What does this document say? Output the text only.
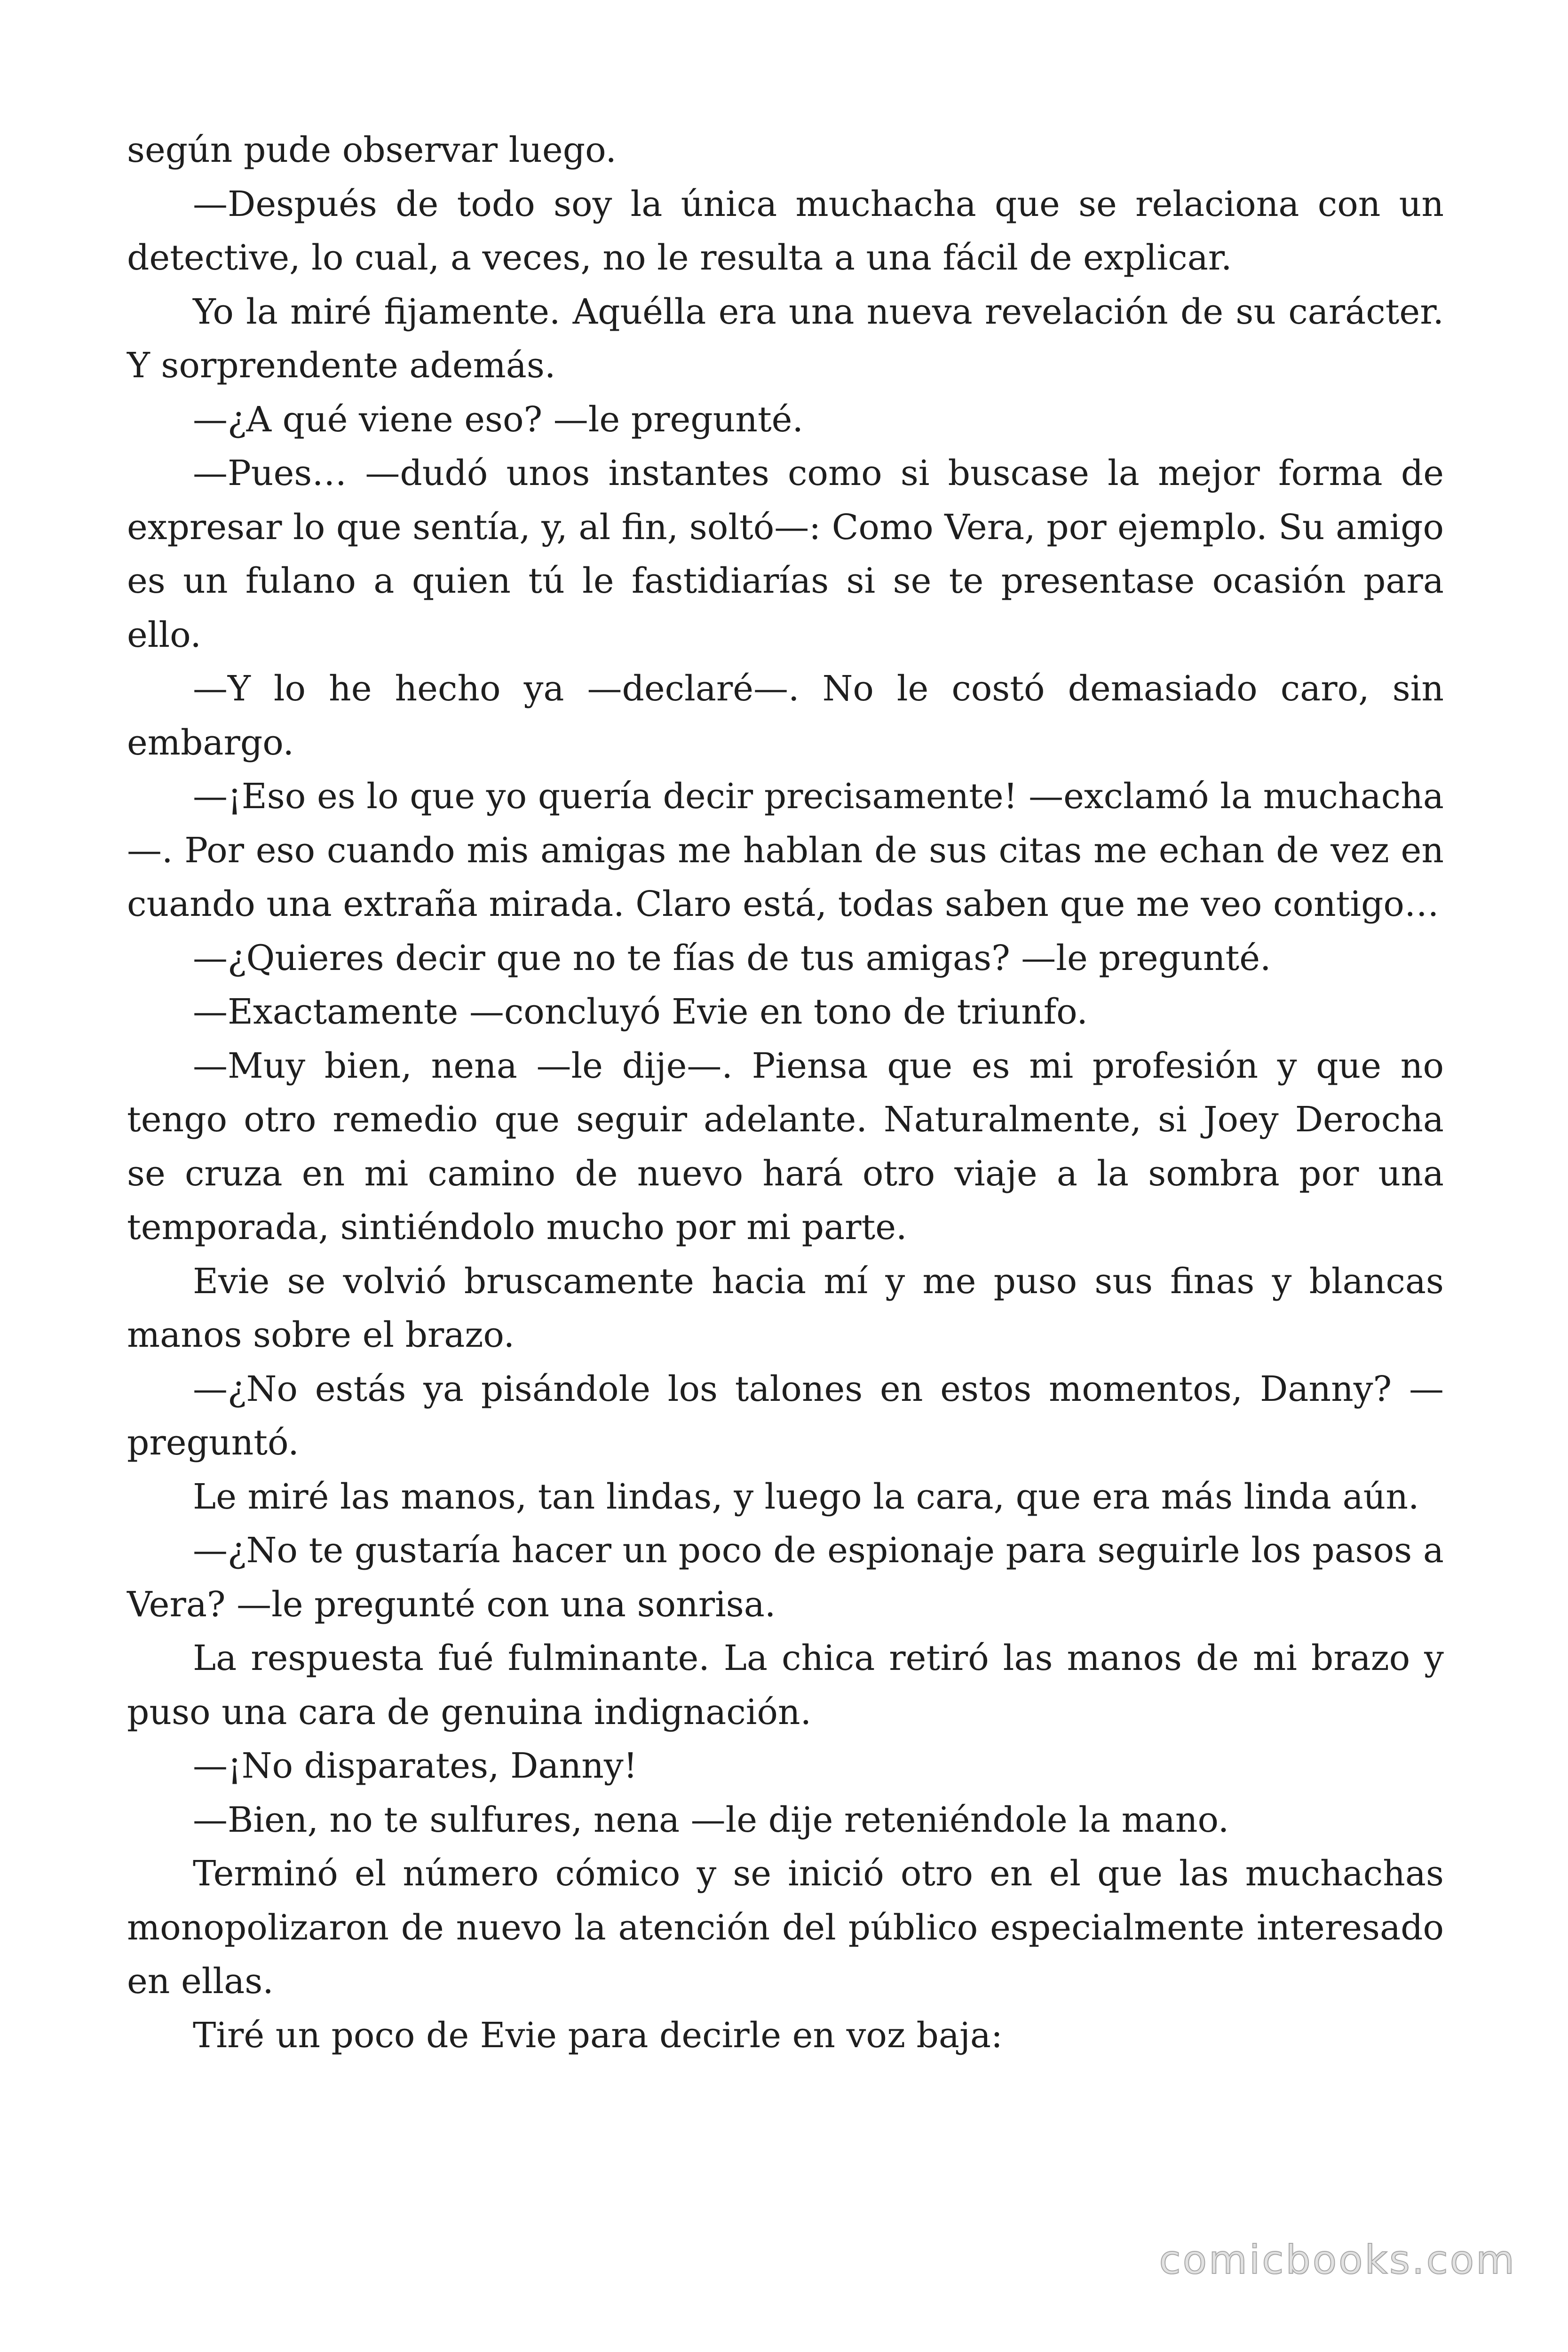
según pude observar luego.

—Después de todo soy la única muchacha que se relaciona con un detective, lo cual, a veces, no le resulta a una fácil de explicar.

Yo la miré fijamente. Aquélla era una nueva revelación de su carácter. Y sorprendente además.

—¿A qué viene eso? —le pregunté.

—Pues… —dudó unos instantes como si buscase la mejor forma de expresar lo que sentía, y, al fin, soltó—: Como Vera, por ejemplo. Su amigo es un fulano a quien tú le fastidiarías si se te presentase ocasión para ello.

—Y lo he hecho ya —declaré—. No le costó demasiado caro, sin embargo.

—¡Eso es lo que yo quería decir precisamente! —exclamó la muchacha—. Por eso cuando mis amigas me hablan de sus citas me echan de vez en cuando una extraña mirada. Claro está, todas saben que me veo contigo…

—¿Quieres decir que no te fías de tus amigas? —le pregunté.

—Exactamente —concluyó Evie en tono de triunfo.

—Muy bien, nena —le dije—. Piensa que es mi profesión y que no tengo otro remedio que seguir adelante. Naturalmente, si Joey Derocha se cruza en mi camino de nuevo hará otro viaje a la sombra por una temporada, sintiéndolo mucho por mi parte.

Evie se volvió bruscamente hacia mí y me puso sus finas y blancas manos sobre el brazo.

—¿No estás ya pisándole los talones en estos momentos, Danny? —preguntó.

Le miré las manos, tan lindas, y luego la cara, que era más linda aún.

—¿No te gustaría hacer un poco de espionaje para seguirle los pasos a Vera? —le pregunté con una sonrisa.

La respuesta fué fulminante. La chica retiró las manos de mi brazo y puso una cara de genuina indignación.

—¡No disparates, Danny!

—Bien, no te sulfures, nena —le dije reteniéndole la mano.

Terminó el número cómico y se inició otro en el que las muchachas monopolizaron de nuevo la atención del público especialmente interesado en ellas.

Tiré un poco de Evie para decirle en voz baja:

comicbooks.com
